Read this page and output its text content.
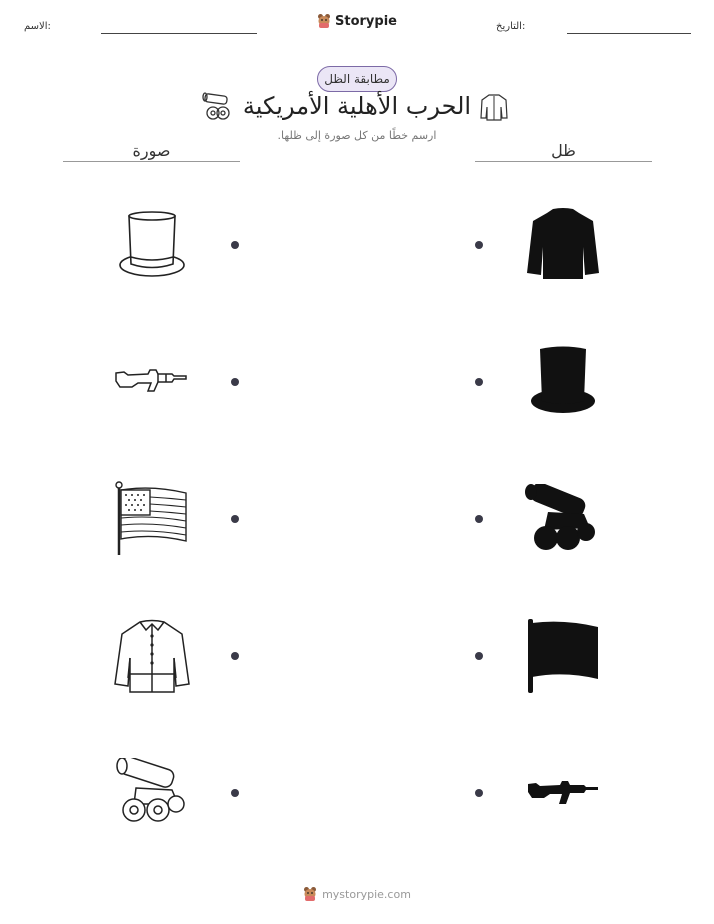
الاسم:	Storypie	التاريخ:
مطابقة الظل
الحرب الأهلية الأمريكية
ارسم خطًا من كل صورة إلى ظلها.
صورة	ظل
mystorypie.com
